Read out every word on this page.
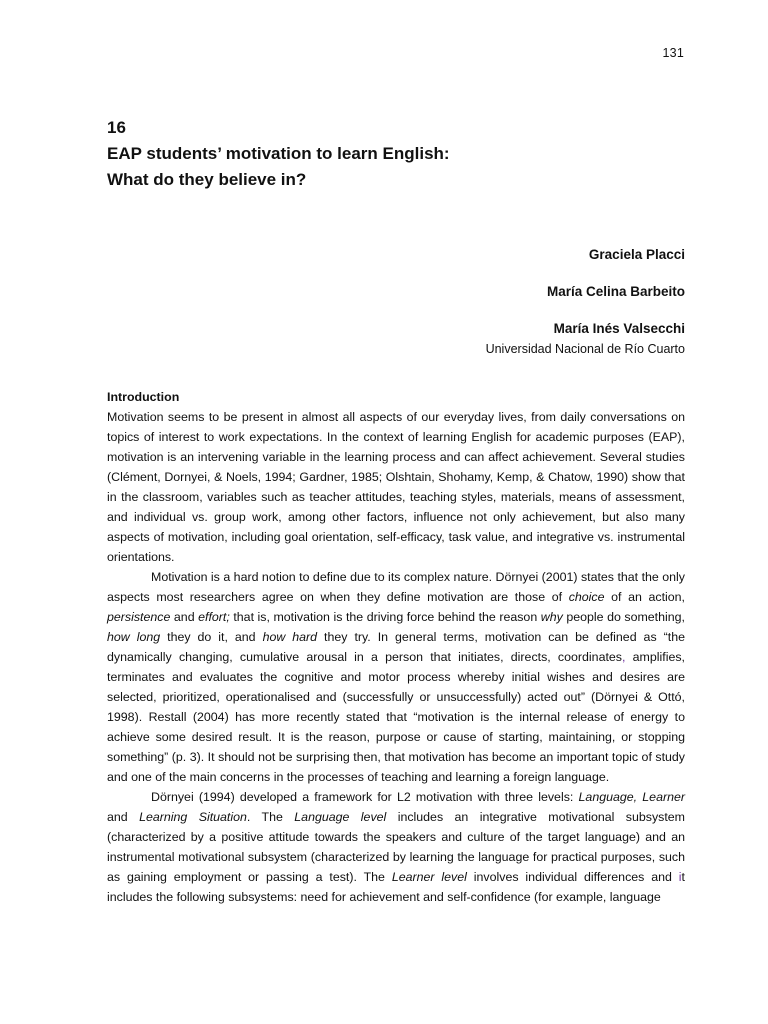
131
16
EAP students’ motivation to learn English:
What do they believe in?
Graciela Placci
María Celina Barbeito
María Inés Valsecchi
Universidad Nacional de Río Cuarto

Introduction

Motivation seems to be present in almost all aspects of our everyday lives, from daily conversations on topics of interest to work expectations. In the context of learning English for academic purposes (EAP), motivation is an intervening variable in the learning process and can affect achievement. Several studies (Clément, Dornyei, & Noels, 1994; Gardner, 1985; Olshtain, Shohamy, Kemp, & Chatow, 1990) show that in the classroom, variables such as teacher attitudes, teaching styles, materials, means of assessment, and individual vs. group work, among other factors, influence not only achievement, but also many aspects of motivation, including goal orientation, self-efficacy, task value, and integrative vs. instrumental orientations.

Motivation is a hard notion to define due to its complex nature. Dörnyei (2001) states that the only aspects most researchers agree on when they define motivation are those of choice of an action, persistence and effort; that is, motivation is the driving force behind the reason why people do something, how long they do it, and how hard they try. In general terms, motivation can be defined as “the dynamically changing, cumulative arousal in a person that initiates, directs, coordinates, amplifies, terminates and evaluates the cognitive and motor process whereby initial wishes and desires are selected, prioritized, operationalised and (successfully or unsuccessfully) acted out” (Dörnyei & Ottó, 1998). Restall (2004) has more recently stated that “motivation is the internal release of energy to achieve some desired result. It is the reason, purpose or cause of starting, maintaining, or stopping something” (p. 3). It should not be surprising then, that motivation has become an important topic of study and one of the main concerns in the processes of teaching and learning a foreign language.

Dörnyei (1994) developed a framework for L2 motivation with three levels: Language, Learner and Learning Situation. The Language level includes an integrative motivational subsystem (characterized by a positive attitude towards the speakers and culture of the target language) and an instrumental motivational subsystem (characterized by learning the language for practical purposes, such as gaining employment or passing a test). The Learner level involves individual differences and it includes the following subsystems: need for achievement and self-confidence (for example, language
